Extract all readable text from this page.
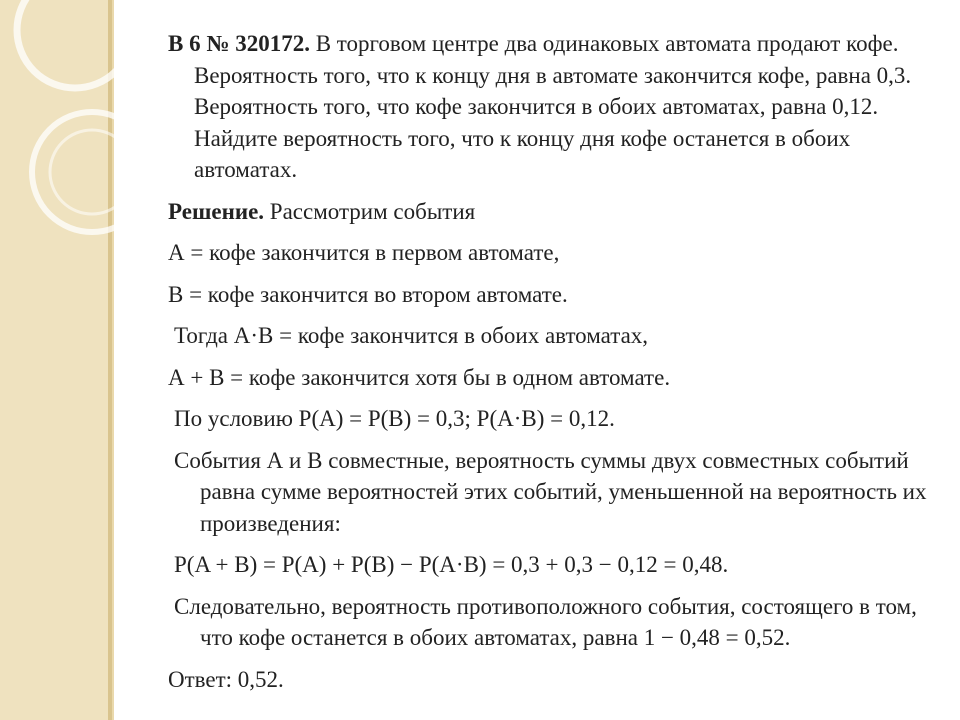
В 6 № 320172. В торговом центре два одинаковых автомата продают кофе. Вероятность того, что к концу дня в автомате закончится кофе, равна 0,3. Вероятность того, что кофе закончится в обоих автоматах, равна 0,12. Найдите вероятность того, что к концу дня кофе останется в обоих автоматах.

Решение. Рассмотрим события

А = кофе закончится в первом автомате,

В = кофе закончится во втором автомате.

Тогда А·В = кофе закончится в обоих автоматах,

А + В = кофе закончится хотя бы в одном автомате.

По условию P(A) = P(B) = 0,3; P(A·B) = 0,12.

События А и В совместные, вероятность суммы двух совместных событий равна сумме вероятностей этих событий, уменьшенной на вероятность их произведения:

P(A + B) = P(A) + P(B) − P(A·B) = 0,3 + 0,3 − 0,12 = 0,48.

Следовательно, вероятность противоположного события, состоящего в том, что кофе останется в обоих автоматах, равна 1 − 0,48 = 0,52.

Ответ: 0,52.
